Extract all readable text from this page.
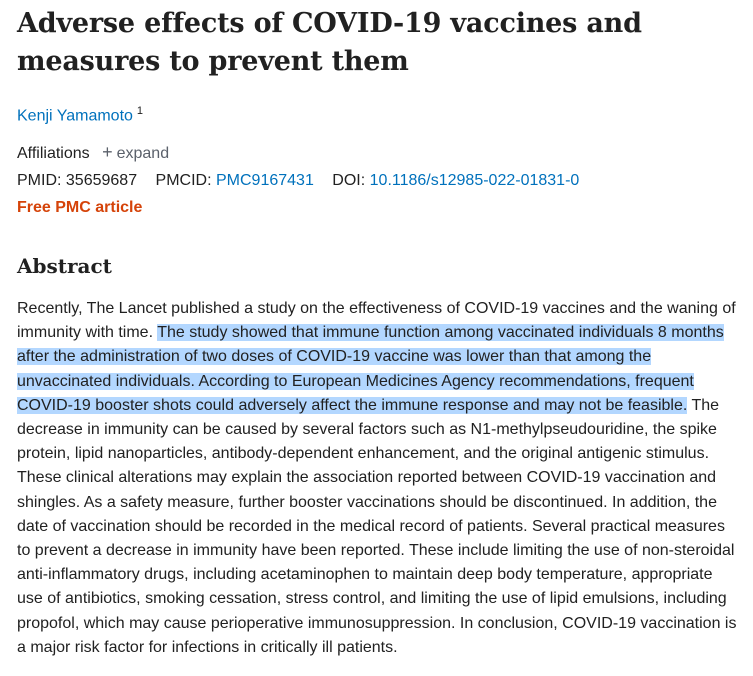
Adverse effects of COVID-19 vaccines and measures to prevent them
Kenji Yamamoto $^1$
Affiliations + expand
PMID: 35659687 PMCID: PMC9167431 DOI: 10.1186/s12985-022-01831-0
Free PMC article
Abstract

Recently, The Lancet published a study on the effectiveness of COVID-19 vaccines and the waning of immunity with time. The study showed that immune function among vaccinated individuals 8 months after the administration of two doses of COVID-19 vaccine was lower than that among the unvaccinated individuals. According to European Medicines Agency recommendations, frequent COVID-19 booster shots could adversely affect the immune response and may not be feasible. The decrease in immunity can be caused by several factors such as N1-methylpseudouridine, the spike protein, lipid nanoparticles, antibody-dependent enhancement, and the original antigenic stimulus. These clinical alterations may explain the association reported between COVID-19 vaccination and shingles. As a safety measure, further booster vaccinations should be discontinued. In addition, the date of vaccination should be recorded in the medical record of patients. Several practical measures to prevent a decrease in immunity have been reported. These include limiting the use of non-steroidal anti-inflammatory drugs, including acetaminophen to maintain deep body temperature, appropriate use of antibiotics, smoking cessation, stress control, and limiting the use of lipid emulsions, including propofol, which may cause perioperative immunosuppression. In conclusion, COVID-19 vaccination is a major risk factor for infections in critically ill patients.
